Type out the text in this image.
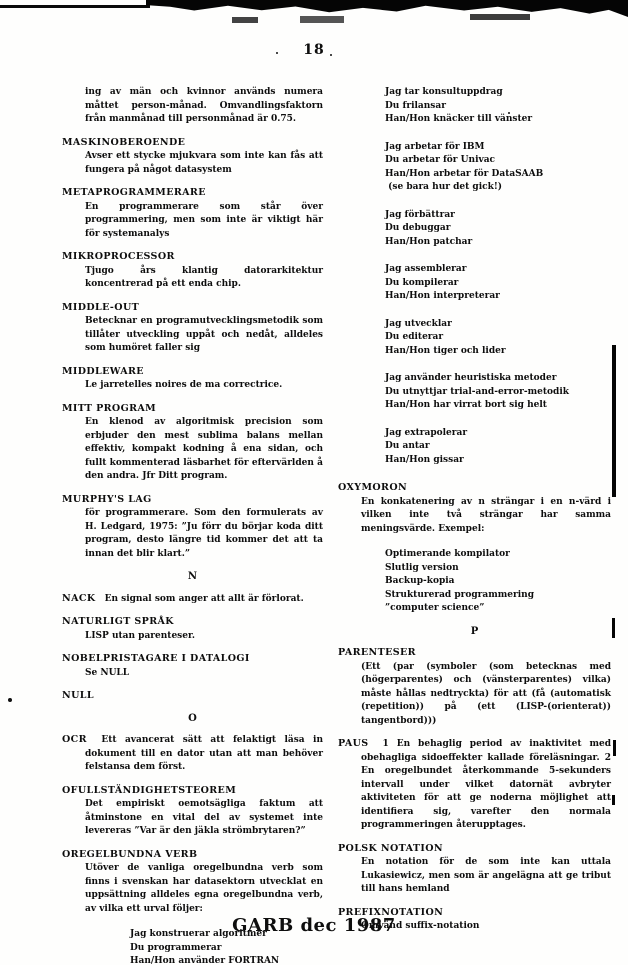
18

ing av män och kvinnor används numera måttet person-månad. Omvandlingsfaktorn från manmånad till personmånad är 0.75.

MASKINOBEROENDE

Avser ett stycke mjukvara som inte kan fås att fungera på något datasystem

METAPROGRAMMERARE

En programmerare som står över programmering, men som inte är viktigt här för systemanalys

MIKROPROCESSOR

Tjugo års klantig datorarkitektur koncentrerad på ett enda chip.

MIDDLE-OUT

Betecknar en programutvecklingsmetodik som tillåter utveckling uppåt och nedåt, alldeles som humöret faller sig

MIDDLEWARE

Le jarretelles noires de ma correctrice.

MITT PROGRAM

En klenod av algoritmisk precision som erbjuder den mest sublima balans mellan effektiv, kompakt kodning å ena sidan, och fullt kommenterad läsbarhet för eftervärlden å den andra. Jfr Ditt program.

MURPHY'S LAG

för programmerare. Som den formulerats av H. Ledgard, 1975: ”Ju förr du börjar koda ditt program, desto längre tid kommer det att ta innan det blir klart.”

N

NACK En signal som anger att allt är förlorat.

NATURLIGT SPRÅK

LISP utan parenteser.

NOBELPRISTAGARE I DATALOGI

Se NULL

NULL
O

OCR Ett avancerat sätt att felaktigt läsa in dokument till en dator utan att man behöver felstansa dem först.

OFULLSTÄNDIGHETSTEOREM

Det empiriskt oemotsägliga faktum att åtminstone en vital del av systemet inte levereras ”Var är den jäkla strömbrytaren?”

OREGELBUNDNA VERB

Utöver de vanliga oregelbundna verb som finns i svenskan har datasektorn utvecklat en uppsättning alldeles egna oregelbundna verb, av vilka ett urval följer:

Jag konstruerar algoritmer
Du programmerar
Han/Hon använder FORTRAN
Jag tar konsultuppdrag
Du frilansar
Han/Hon knäcker till vänster
Jag arbetar för IBM
Du arbetar för Univac
Han/Hon arbetar för DataSAAB
(se bara hur det gick!)
Jag förbättrar
Du debuggar
Han/Hon patchar
Jag assemblerar
Du kompilerar
Han/Hon interpreterar
Jag utvecklar
Du editerar
Han/Hon tiger och lider
Jag använder heuristiska metoder
Du utnyttjar trial-and-error-metodik
Han/Hon har virrat bort sig helt
Jag extrapolerar
Du antar
Han/Hon gissar
OXYMORON

En konkatenering av n strängar i en n-värd i vilken inte två strängar har samma meningsvärde. Exempel:

Optimerande kompilator
Slutlig version
Backup-kopia
Strukturerad programmering
”computer science”
P
PARENTESER

(Ett (par (symboler (som betecknas med (högerparentes) och (vänsterparentes) vilka) måste hållas nedtryckta) för att (få (automatisk (repetition)) på (ett (LISP-(orienterat)) tangentbord)))

PAUS 1 En behaglig period av inaktivitet med obehagliga sidoeffekter kallade föreläsningar. 2 En oregelbundet återkommande 5-sekunders intervall under vilket datornät avbryter aktiviteten för att ge noderna möjlighet att identifiera sig, varefter den normala programmeringen återupptages.

POLSK NOTATION

En notation för de som inte kan uttala Lukasiewicz, men som är angelägna att ge tribut till hans hemland

PREFIXNOTATION

Omvänd suffix-notation

GARB dec 1987
